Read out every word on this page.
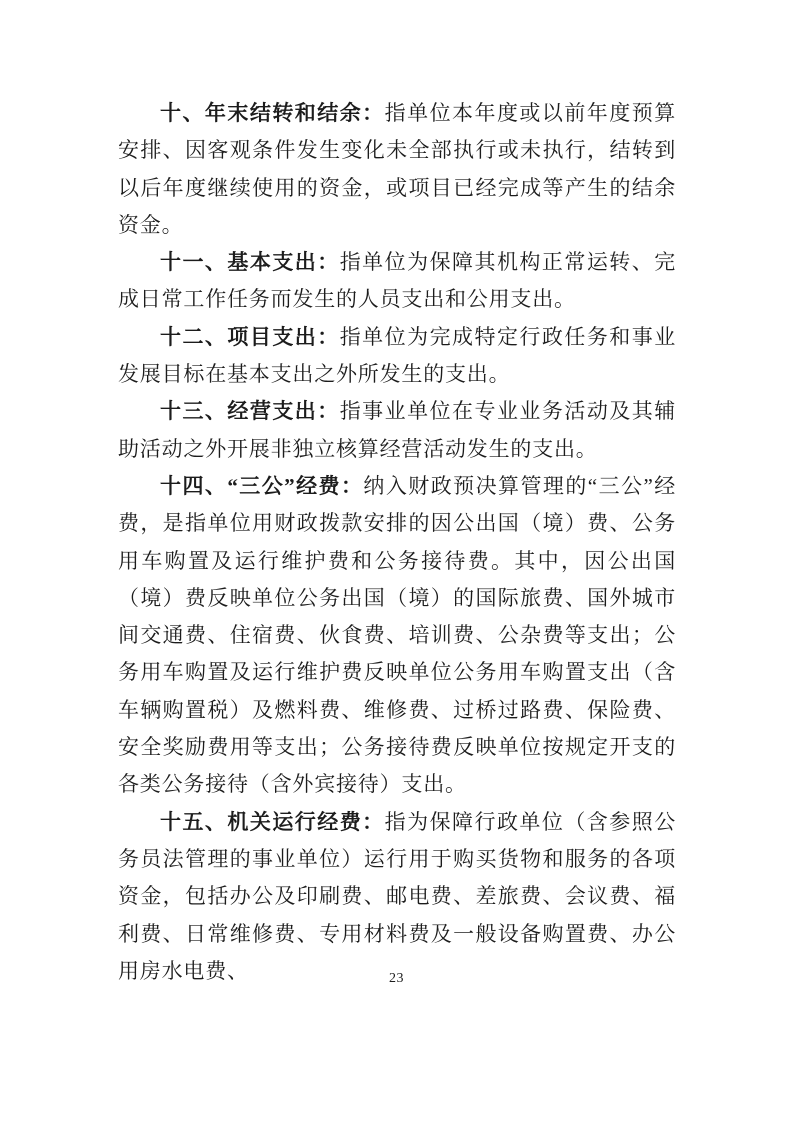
十、年末结转和结余：指单位本年度或以前年度预算安排、因客观条件发生变化未全部执行或未执行，结转到以后年度继续使用的资金，或项目已经完成等产生的结余资金。

十一、基本支出：指单位为保障其机构正常运转、完成日常工作任务而发生的人员支出和公用支出。

十二、项目支出：指单位为完成特定行政任务和事业发展目标在基本支出之外所发生的支出。

十三、经营支出：指事业单位在专业业务活动及其辅助活动之外开展非独立核算经营活动发生的支出。

十四、“三公”经费：纳入财政预决算管理的“三公”经费，是指单位用财政拨款安排的因公出国（境）费、公务用车购置及运行维护费和公务接待费。其中，因公出国（境）费反映单位公务出国（境）的国际旅费、国外城市间交通费、住宿费、伙食费、培训费、公杂费等支出；公务用车购置及运行维护费反映单位公务用车购置支出（含车辆购置税）及燃料费、维修费、过桥过路费、保险费、安全奖励费用等支出；公务接待费反映单位按规定开支的各类公务接待（含外宾接待）支出。

十五、机关运行经费：指为保障行政单位（含参照公务员法管理的事业单位）运行用于购买货物和服务的各项资金，包括办公及印刷费、邮电费、差旅费、会议费、福利费、日常维修费、专用材料费及一般设备购置费、办公用房水电费、	23
